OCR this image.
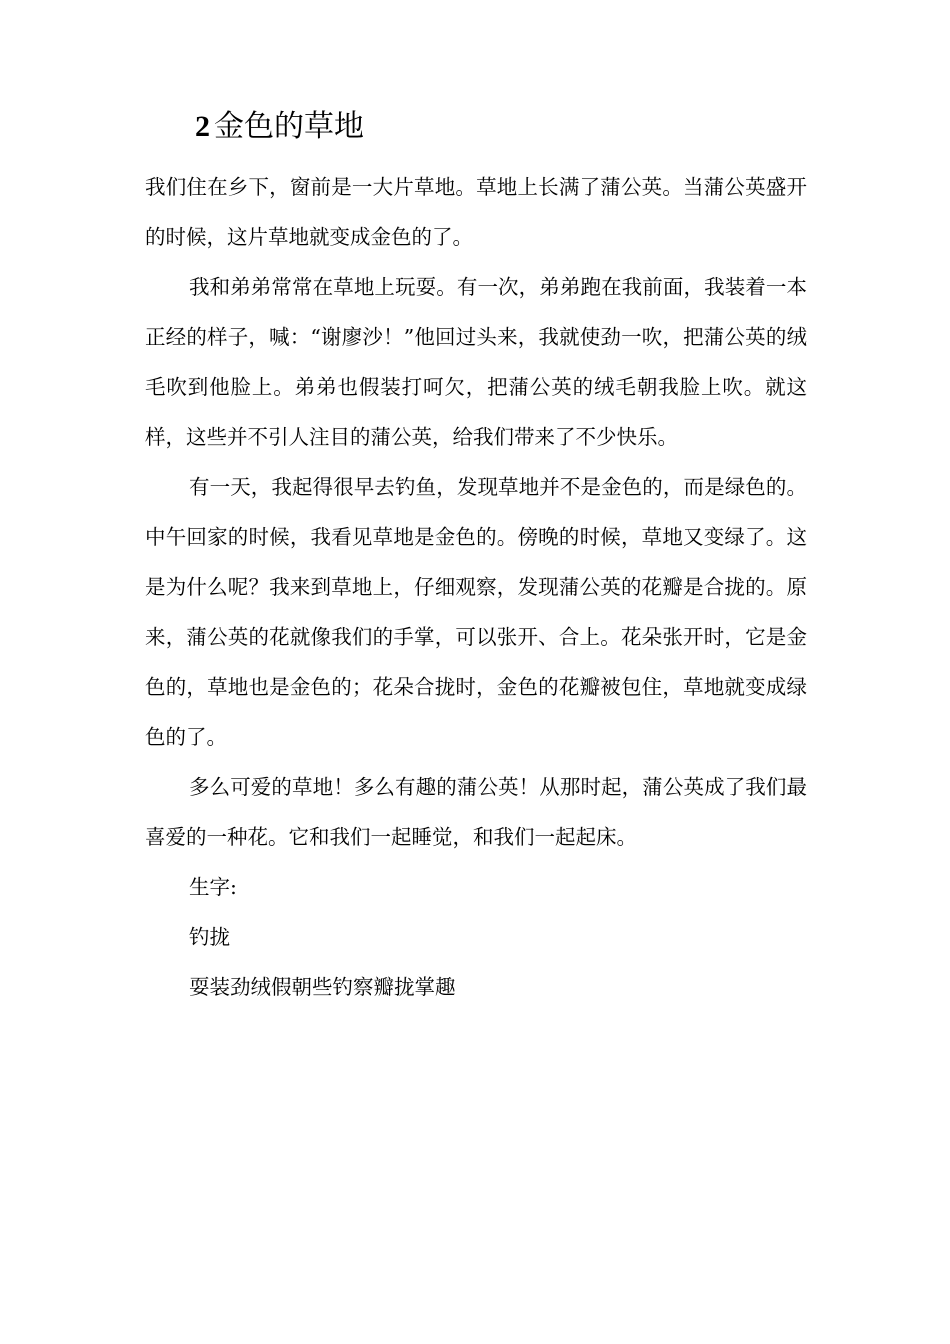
2 金色的草地

我们住在乡下，窗前是一大片草地。草地上长满了蒲公英。当蒲公英盛开的时候，这片草地就变成金色的了。

我和弟弟常常在草地上玩耍。有一次，弟弟跑在我前面，我装着一本正经的样子，喊：“谢廖沙！”他回过头来，我就使劲一吹，把蒲公英的绒毛吹到他脸上。弟弟也假装打呵欠，把蒲公英的绒毛朝我脸上吹。就这样，这些并不引人注目的蒲公英，给我们带来了不少快乐。

有一天，我起得很早去钓鱼，发现草地并不是金色的，而是绿色的。中午回家的时候，我看见草地是金色的。傍晚的时候，草地又变绿了。这是为什么呢？我来到草地上，仔细观察，发现蒲公英的花瓣是合拢的。原来，蒲公英的花就像我们的手掌，可以张开、合上。花朵张开时，它是金色的，草地也是金色的；花朵合拢时，金色的花瓣被包住，草地就变成绿色的了。

多么可爱的草地！多么有趣的蒲公英！从那时起，蒲公英成了我们最喜爱的一种花。它和我们一起睡觉，和我们一起起床。

生字:

钓拢

耍装劲绒假朝些钓察瓣拢掌趣
